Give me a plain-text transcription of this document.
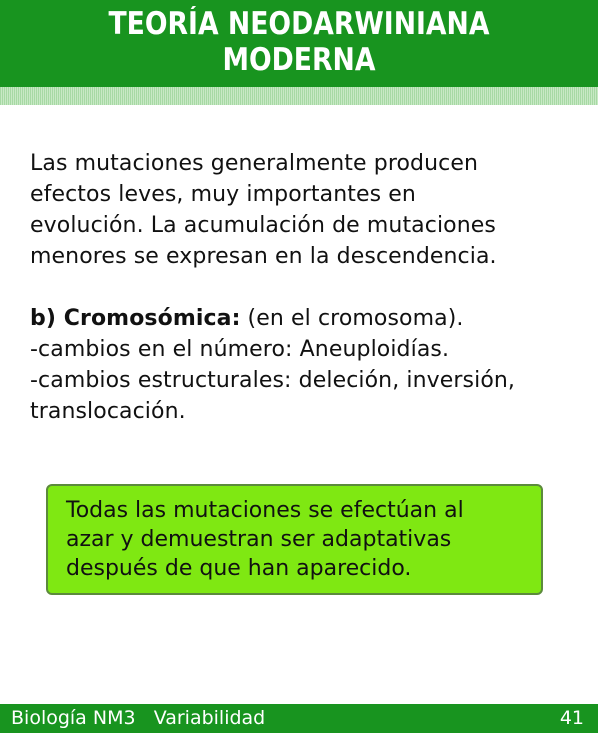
TEORÍA NEODARWINIANA
MODERNA

Las mutaciones generalmente producen

efectos leves, muy importantes en

evolución. La acumulación de mutaciones

menores se expresan en la descendencia.

b) Cromosómica: (en el cromosoma).

-cambios en el número: Aneuploidías.

-cambios estructurales: deleción, inversión,

translocación.

Todas las mutaciones se efectúan al
azar y demuestran ser adaptativas
después de que han aparecido.
Biología NM3 Variabilidad	41
